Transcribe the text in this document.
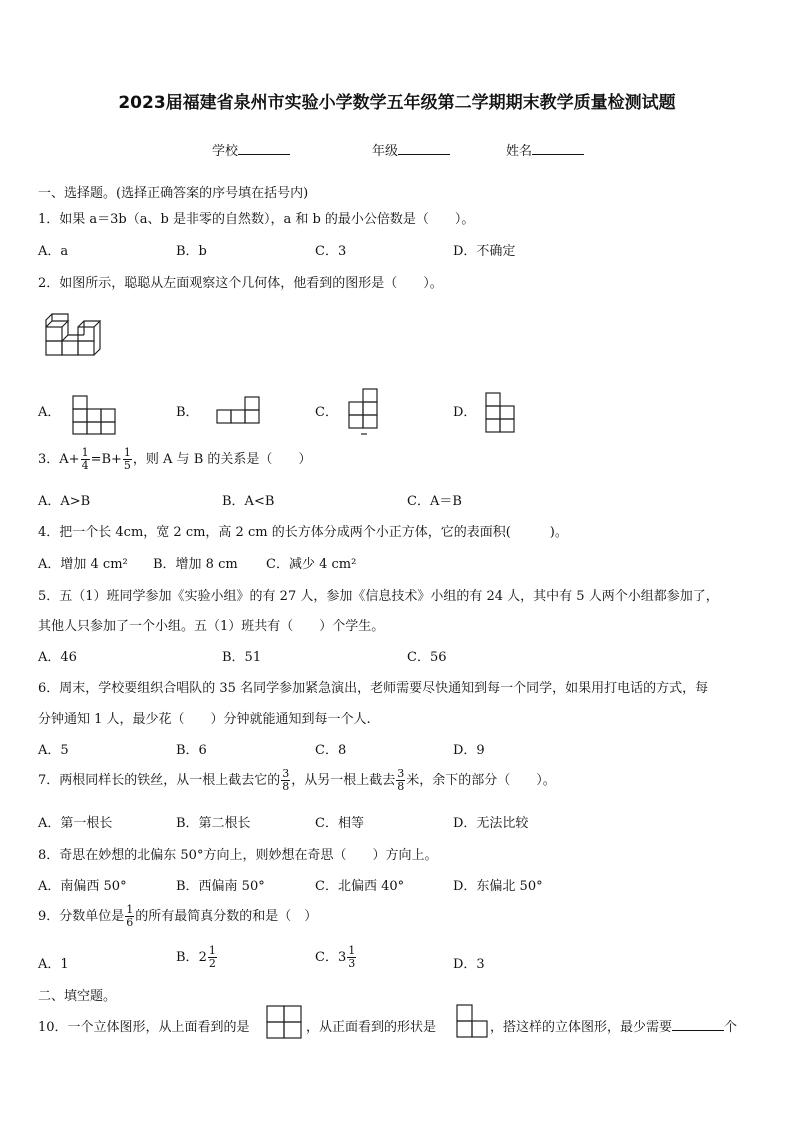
2023届福建省泉州市实验小学数学五年级第二学期期末教学质量检测试题
学校	年级	姓名
一、选择题。(选择正确答案的序号填在括号内)
1．如果 a＝3b（a、b 是非零的自然数），a 和 b 的最小公倍数是（　　）。
A．a	B．b	C．3	D．不确定
2．如图所示，聪聪从左面观察这个几何体，他看到的图形是（　　）。
A．	B．	C．	D．
3．$A+ \frac{1}{4} =B+ \frac{1}{5}$ ，则 A 与 B 的关系是（　　）
A．A>B	B．A<B	C．A＝B
4．把一个长 4cm，宽 2 cm，高 2 cm 的长方体分成两个小正方体，它的表面积(　　　)。
A．增加 4 cm² B．增加 8 cm C．减少 4 cm²
5．五（1）班同学参加《实验小组》的有 27 人，参加《信息技术》小组的有 24 人，其中有 5 人两个小组都参加了，
其他人只参加了一个小组。五（1）班共有（　　）个学生。
A．46	B．51	C．56
6．周末，学校要组织合唱队的 35 名同学参加紧急演出，老师需要尽快通知到每一个同学，如果用打电话的方式，每
分钟通知 1 人，最少花（　　）分钟就能通知到每一个人.
A．5	B．6	C．8	D．9
7．两根同样长的铁丝，从一根上截去它的 $\frac{3}{8}$ ，从另一根上截去 $\frac{3}{8}$ 米，余下的部分（　　）。
A．第一根长	B．第二根长	C．相等	D．无法比较
8．奇思在妙想的北偏东 50°方向上，则妙想在奇思（　　）方向上。
A．南偏西 50°	B．西偏南 50°	C．北偏西 40°	D．东偏北 50°
9．分数单位是 $\frac{1}{6}$ 的所有最简真分数的和是（　）
A．1	B． $2 \frac{1}{2}$	C． $3 \frac{1}{3}$	D．3
二、填空题。
10．一个立体图形，从上面看到的是	，从正面看到的形状是	，搭这样的立体图形，最少需要	个
